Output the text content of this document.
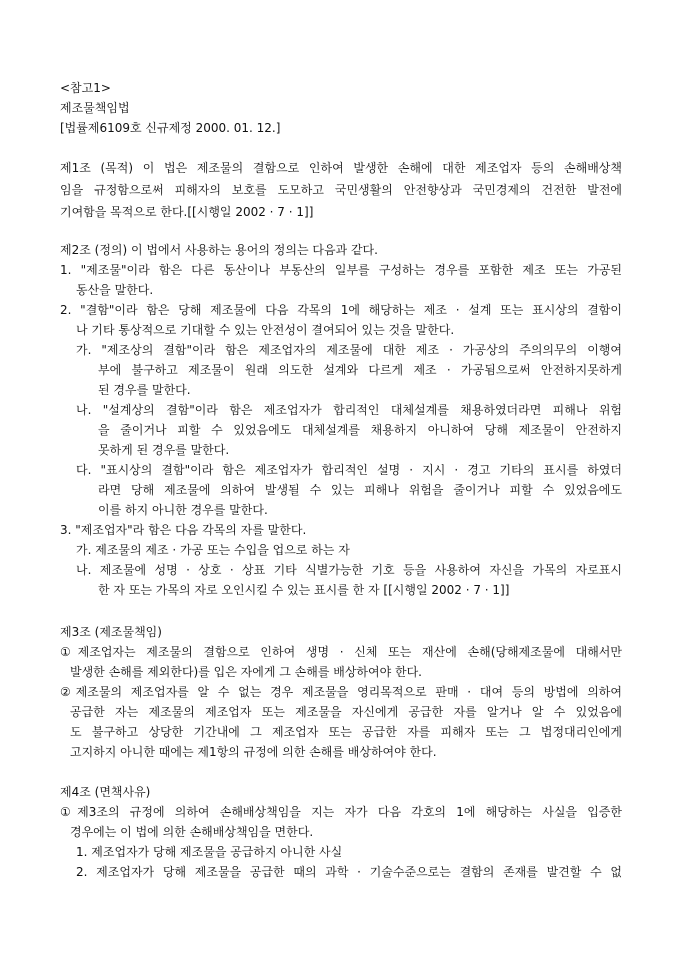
<참고1>
제조물책임법
[법률제6109호 신규제정 2000. 01. 12.]
제1조 (목적) 이 법은 제조물의 결함으로 인하여 발생한 손해에 대한 제조업자 등의 손해배상책
임을 규정함으로써 피해자의 보호를 도모하고 국민생활의 안전향상과 국민경제의 건전한 발전에
기여함을 목적으로 한다.[[시행일 2002 · 7 · 1]]
제2조 (정의) 이 법에서 사용하는 용어의 정의는 다음과 같다.
1. "제조물"이라 함은 다른 동산이나 부동산의 일부를 구성하는 경우를 포함한 제조 또는 가공된
동산을 말한다.
2. "결함"이라 함은 당해 제조물에 다음 각목의 1에 해당하는 제조 · 설계 또는 표시상의 결함이
나 기타 통상적으로 기대할 수 있는 안전성이 결여되어 있는 것을 말한다.
가. "제조상의 결함"이라 함은 제조업자의 제조물에 대한 제조 · 가공상의 주의의무의 이행여
부에 불구하고 제조물이 원래 의도한 설계와 다르게 제조 · 가공됨으로써 안전하지못하게
된 경우를 말한다.
나. "설계상의 결함"이라 함은 제조업자가 합리적인 대체설계를 채용하였더라면 피해나 위험
을 줄이거나 피할 수 있었음에도 대체설계를 채용하지 아니하여 당해 제조물이 안전하지
못하게 된 경우를 말한다.
다. "표시상의 결함"이라 함은 제조업자가 합리적인 설명 · 지시 · 경고 기타의 표시를 하였더
라면 당해 제조물에 의하여 발생될 수 있는 피해나 위험을 줄이거나 피할 수 있었음에도
이를 하지 아니한 경우를 말한다.
3. "제조업자"라 함은 다음 각목의 자를 말한다.
가. 제조물의 제조 · 가공 또는 수입을 업으로 하는 자
나. 제조물에 성명 · 상호 · 상표 기타 식별가능한 기호 등을 사용하여 자신을 가목의 자로표시
한 자 또는 가목의 자로 오인시킬 수 있는 표시를 한 자 [[시행일 2002 · 7 · 1]]
제3조 (제조물책임)
①제조업자는 제조물의 결함으로 인하여 생명 · 신체 또는 재산에 손해(당해제조물에 대해서만
발생한 손해를 제외한다)를 입은 자에게 그 손해를 배상하여야 한다.
②제조물의 제조업자를 알 수 없는 경우 제조물을 영리목적으로 판매 · 대여 등의 방법에 의하여
공급한 자는 제조물의 제조업자 또는 제조물을 자신에게 공급한 자를 알거나 알 수 있었음에
도 불구하고 상당한 기간내에 그 제조업자 또는 공급한 자를 피해자 또는 그 법정대리인에게
고지하지 아니한 때에는 제1항의 규정에 의한 손해를 배상하여야 한다.
제4조 (면책사유)
①제3조의 규정에 의하여 손해배상책임을 지는 자가 다음 각호의 1에 해당하는 사실을 입증한
경우에는 이 법에 의한 손해배상책임을 면한다.
1. 제조업자가 당해 제조물을 공급하지 아니한 사실
2. 제조업자가 당해 제조물을 공급한 때의 과학 · 기술수준으로는 결함의 존재를 발견할 수 없
